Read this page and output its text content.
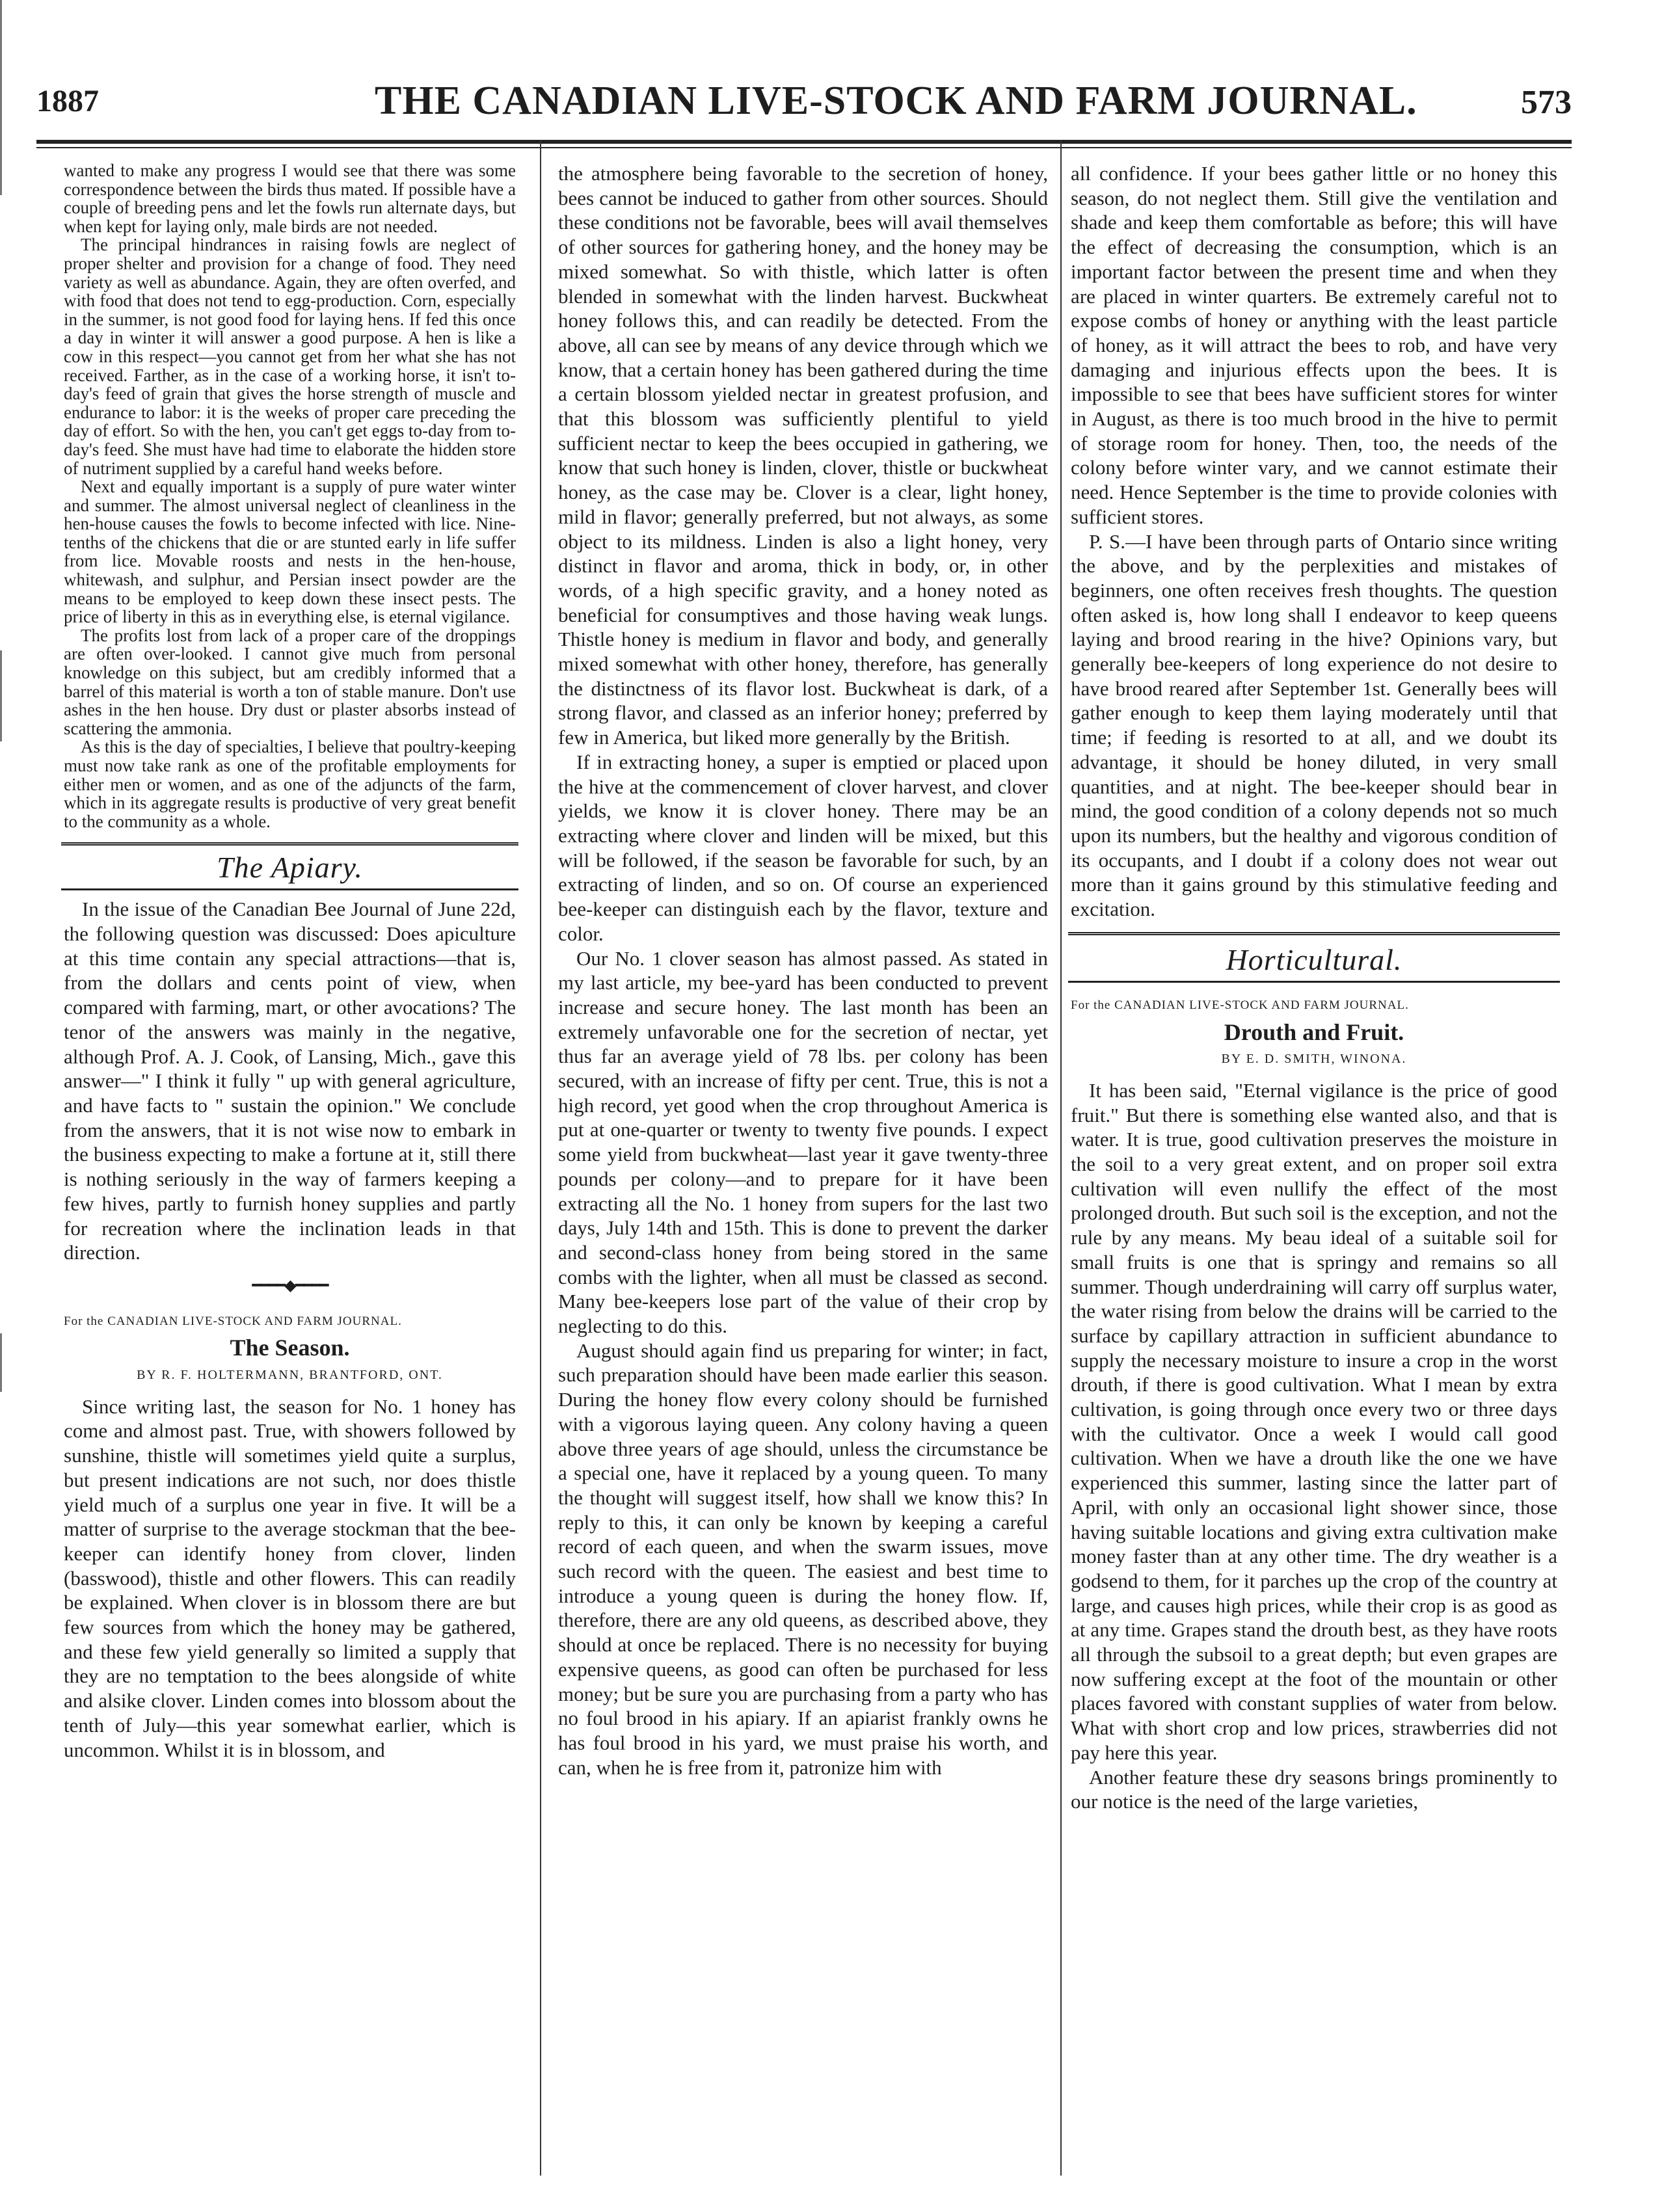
1887	THE CANADIAN LIVE-STOCK AND FARM JOURNAL.	573

wanted to make any progress I would see that there was some correspondence between the birds thus mated. If possible have a couple of breeding pens and let the fowls run alternate days, but when kept for laying only, male birds are not needed.

The principal hindrances in raising fowls are neglect of proper shelter and provision for a change of food. They need variety as well as abundance. Again, they are often overfed, and with food that does not tend to egg-production. Corn, especially in the summer, is not good food for laying hens. If fed this once a day in winter it will answer a good purpose. A hen is like a cow in this respect—you cannot get from her what she has not received. Farther, as in the case of a working horse, it isn't to-day's feed of grain that gives the horse strength of muscle and endurance to labor: it is the weeks of proper care preceding the day of effort. So with the hen, you can't get eggs to-day from to-day's feed. She must have had time to elaborate the hidden store of nutriment supplied by a careful hand weeks before.

Next and equally important is a supply of pure water winter and summer. The almost universal neglect of cleanliness in the hen-house causes the fowls to become infected with lice. Nine-tenths of the chickens that die or are stunted early in life suffer from lice. Movable roosts and nests in the hen-house, whitewash, and sulphur, and Persian insect powder are the means to be employed to keep down these insect pests. The price of liberty in this as in everything else, is eternal vigilance.

The profits lost from lack of a proper care of the droppings are often over-looked. I cannot give much from personal knowledge on this subject, but am credibly informed that a barrel of this material is worth a ton of stable manure. Don't use ashes in the hen house. Dry dust or plaster absorbs instead of scattering the ammonia.

As this is the day of specialties, I believe that poultry-keeping must now take rank as one of the profitable employments for either men or women, and as one of the adjuncts of the farm, which in its aggregate results is productive of very great benefit to the community as a whole.

The Apiary.

In the issue of the Canadian Bee Journal of June 22d, the following question was discussed: Does apiculture at this time contain any special attractions—that is, from the dollars and cents point of view, when compared with farming, mart, or other avocations? The tenor of the answers was mainly in the negative, although Prof. A. J. Cook, of Lansing, Mich., gave this answer—" I think it fully " up with general agriculture, and have facts to " sustain the opinion." We conclude from the answers, that it is not wise now to embark in the business expecting to make a fortune at it, still there is nothing seriously in the way of farmers keeping a few hives, partly to furnish honey supplies and partly for recreation where the inclination leads in that direction.

━━━━◆━━━━
For the CANADIAN LIVE-STOCK AND FARM JOURNAL.
The Season.
BY R. F. HOLTERMANN, BRANTFORD, ONT.

Since writing last, the season for No. 1 honey has come and almost past. True, with showers followed by sunshine, thistle will sometimes yield quite a surplus, but present indications are not such, nor does thistle yield much of a surplus one year in five. It will be a matter of surprise to the average stockman that the bee-keeper can identify honey from clover, linden (basswood), thistle and other flowers. This can readily be explained. When clover is in blossom there are but few sources from which the honey may be gathered, and these few yield generally so limited a supply that they are no temptation to the bees alongside of white and alsike clover. Linden comes into blossom about the tenth of July—this year somewhat earlier, which is uncommon. Whilst it is in blossom, and

the atmosphere being favorable to the secretion of honey, bees cannot be induced to gather from other sources. Should these conditions not be favorable, bees will avail themselves of other sources for gathering honey, and the honey may be mixed somewhat. So with thistle, which latter is often blended in somewhat with the linden harvest. Buckwheat honey follows this, and can readily be detected. From the above, all can see by means of any device through which we know, that a certain honey has been gathered during the time a certain blossom yielded nectar in greatest profusion, and that this blossom was sufficiently plentiful to yield sufficient nectar to keep the bees occupied in gathering, we know that such honey is linden, clover, thistle or buckwheat honey, as the case may be. Clover is a clear, light honey, mild in flavor; generally preferred, but not always, as some object to its mildness. Linden is also a light honey, very distinct in flavor and aroma, thick in body, or, in other words, of a high specific gravity, and a honey noted as beneficial for consumptives and those having weak lungs. Thistle honey is medium in flavor and body, and generally mixed somewhat with other honey, therefore, has generally the distinctness of its flavor lost. Buckwheat is dark, of a strong flavor, and classed as an inferior honey; preferred by few in America, but liked more generally by the British.

If in extracting honey, a super is emptied or placed upon the hive at the commencement of clover harvest, and clover yields, we know it is clover honey. There may be an extracting where clover and linden will be mixed, but this will be followed, if the season be favorable for such, by an extracting of linden, and so on. Of course an experienced bee-keeper can distinguish each by the flavor, texture and color.

Our No. 1 clover season has almost passed. As stated in my last article, my bee-yard has been conducted to prevent increase and secure honey. The last month has been an extremely unfavorable one for the secretion of nectar, yet thus far an average yield of 78 lbs. per colony has been secured, with an increase of fifty per cent. True, this is not a high record, yet good when the crop throughout America is put at one-quarter or twenty to twenty five pounds. I expect some yield from buckwheat—last year it gave twenty-three pounds per colony—and to prepare for it have been extracting all the No. 1 honey from supers for the last two days, July 14th and 15th. This is done to prevent the darker and second-class honey from being stored in the same combs with the lighter, when all must be classed as second. Many bee-keepers lose part of the value of their crop by neglecting to do this.

August should again find us preparing for winter; in fact, such preparation should have been made earlier this season. During the honey flow every colony should be furnished with a vigorous laying queen. Any colony having a queen above three years of age should, unless the circumstance be a special one, have it replaced by a young queen. To many the thought will suggest itself, how shall we know this? In reply to this, it can only be known by keeping a careful record of each queen, and when the swarm issues, move such record with the queen. The easiest and best time to introduce a young queen is during the honey flow. If, therefore, there are any old queens, as described above, they should at once be replaced. There is no necessity for buying expensive queens, as good can often be purchased for less money; but be sure you are purchasing from a party who has no foul brood in his apiary. If an apiarist frankly owns he has foul brood in his yard, we must praise his worth, and can, when he is free from it, patronize him with

all confidence. If your bees gather little or no honey this season, do not neglect them. Still give the ventilation and shade and keep them comfortable as before; this will have the effect of decreasing the consumption, which is an important factor between the present time and when they are placed in winter quarters. Be extremely careful not to expose combs of honey or anything with the least particle of honey, as it will attract the bees to rob, and have very damaging and injurious effects upon the bees. It is impossible to see that bees have sufficient stores for winter in August, as there is too much brood in the hive to permit of storage room for honey. Then, too, the needs of the colony before winter vary, and we cannot estimate their need. Hence September is the time to provide colonies with sufficient stores.

P. S.—I have been through parts of Ontario since writing the above, and by the perplexities and mistakes of beginners, one often receives fresh thoughts. The question often asked is, how long shall I endeavor to keep queens laying and brood rearing in the hive? Opinions vary, but generally bee-keepers of long experience do not desire to have brood reared after September 1st. Generally bees will gather enough to keep them laying moderately until that time; if feeding is resorted to at all, and we doubt its advantage, it should be honey diluted, in very small quantities, and at night. The bee-keeper should bear in mind, the good condition of a colony depends not so much upon its numbers, but the healthy and vigorous condition of its occupants, and I doubt if a colony does not wear out more than it gains ground by this stimulative feeding and excitation.

Horticultural.
For the CANADIAN LIVE-STOCK AND FARM JOURNAL.
Drouth and Fruit.
BY E. D. SMITH, WINONA.

It has been said, "Eternal vigilance is the price of good fruit." But there is something else wanted also, and that is water. It is true, good cultivation preserves the moisture in the soil to a very great extent, and on proper soil extra cultivation will even nullify the effect of the most prolonged drouth. But such soil is the exception, and not the rule by any means. My beau ideal of a suitable soil for small fruits is one that is springy and remains so all summer. Though underdraining will carry off surplus water, the water rising from below the drains will be carried to the surface by capillary attraction in sufficient abundance to supply the necessary moisture to insure a crop in the worst drouth, if there is good cultivation. What I mean by extra cultivation, is going through once every two or three days with the cultivator. Once a week I would call good cultivation. When we have a drouth like the one we have experienced this summer, lasting since the latter part of April, with only an occasional light shower since, those having suitable locations and giving extra cultivation make money faster than at any other time. The dry weather is a godsend to them, for it parches up the crop of the country at large, and causes high prices, while their crop is as good as at any time. Grapes stand the drouth best, as they have roots all through the subsoil to a great depth; but even grapes are now suffering except at the foot of the mountain or other places favored with constant supplies of water from below. What with short crop and low prices, strawberries did not pay here this year.

Another feature these dry seasons brings prominently to our notice is the need of the large varieties,
